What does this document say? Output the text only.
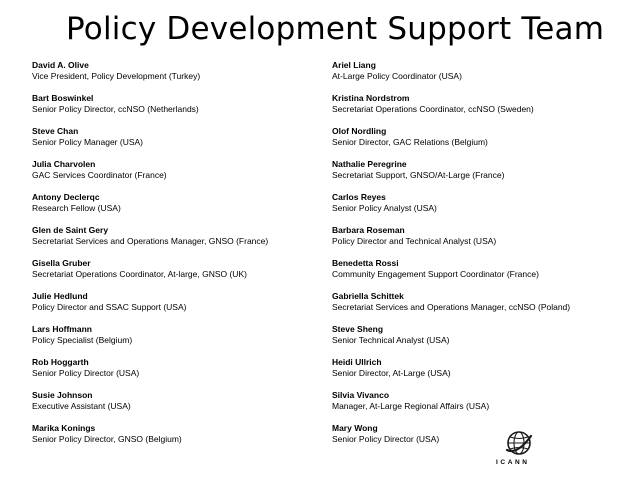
Policy Development Support Team
David A. Olive
Vice President, Policy Development (Turkey)
Bart Boswinkel
Senior Policy Director, ccNSO (Netherlands)
Steve Chan
Senior Policy Manager (USA)
Julia Charvolen
GAC Services Coordinator (France)
Antony Declerqc
Research Fellow (USA)
Glen de Saint Gery
Secretariat Services and Operations Manager, GNSO (France)
Gisella Gruber
Secretariat Operations Coordinator, At-large, GNSO (UK)
Julie Hedlund
Policy Director and SSAC Support (USA)
Lars Hoffmann
Policy Specialist (Belgium)
Rob Hoggarth
Senior Policy Director (USA)
Susie Johnson
Executive Assistant (USA)
Marika Konings
Senior Policy Director, GNSO (Belgium)
Ariel Liang
At-Large Policy Coordinator (USA)
Kristina Nordstrom
Secretariat Operations Coordinator, ccNSO (Sweden)
Olof Nordling
Senior Director, GAC Relations (Belgium)
Nathalie Peregrine
Secretariat Support, GNSO/At-Large (France)
Carlos Reyes
Senior Policy Analyst (USA)
Barbara Roseman
Policy Director and Technical Analyst (USA)
Benedetta Rossi
Community Engagement Support Coordinator (France)
Gabriella Schittek
Secretariat Services and Operations Manager, ccNSO (Poland)
Steve Sheng
Senior Technical Analyst (USA)
Heidi Ullrich
Senior Director, At-Large (USA)
Silvia Vivanco
Manager, At-Large Regional Affairs (USA)
Mary Wong
Senior Policy Director (USA)
ICANN
